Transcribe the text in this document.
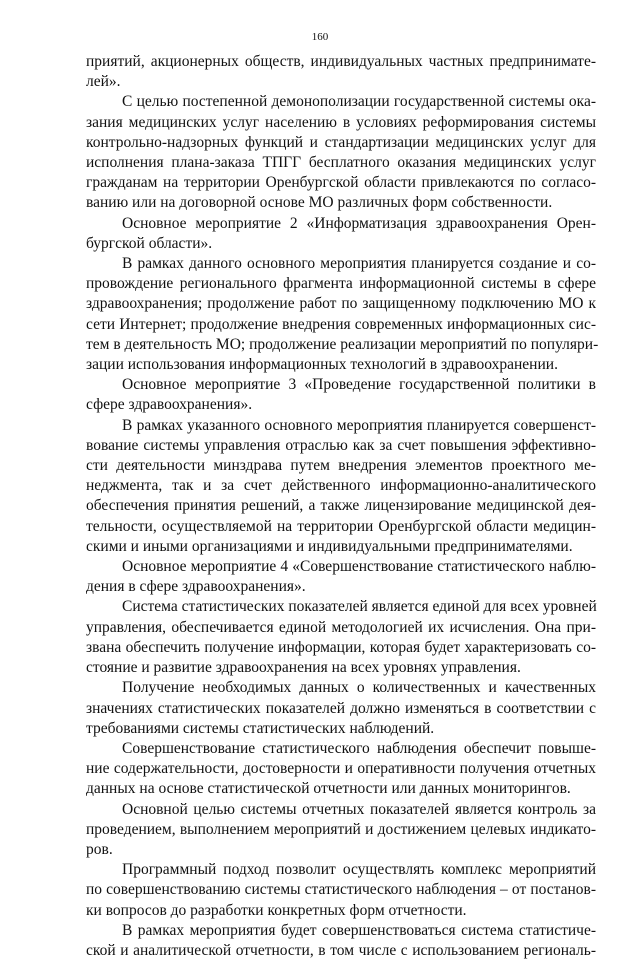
160
приятий, акционерных обществ, индивидуальных частных предпринимате-
лей».
С целью постепенной демонополизации государственной системы ока-
зания медицинских услуг населению в условиях реформирования системы
контрольно-надзорных функций и стандартизации медицинских услуг для
исполнения плана-заказа ТПГГ бесплатного оказания медицинских услуг
гражданам на территории Оренбургской области привлекаются по согласо-
ванию или на договорной основе МО различных форм собственности.
Основное мероприятие 2 «Информатизация здравоохранения Орен-
бургской области».
В рамках данного основного мероприятия планируется создание и со-
провождение регионального фрагмента информационной системы в сфере
здравоохранения; продолжение работ по защищенному подключению МО к
сети Интернет; продолжение внедрения современных информационных сис-
тем в деятельность МО; продолжение реализации мероприятий по популяри-
зации использования информационных технологий в здравоохранении.
Основное мероприятие 3 «Проведение государственной политики в
сфере здравоохранения».
В рамках указанного основного мероприятия планируется совершенст-
вование системы управления отраслью как за счет повышения эффективно-
сти деятельности минздрава путем внедрения элементов проектного ме-
неджмента, так и за счет действенного информационно-аналитического
обеспечения принятия решений, а также лицензирование медицинской дея-
тельности, осуществляемой на территории Оренбургской области медицин-
скими и иными организациями и индивидуальными предпринимателями.
Основное мероприятие 4 «Совершенствование статистического наблю-
дения в сфере здравоохранения».
Система статистических показателей является единой для всех уровней
управления, обеспечивается единой методологией их исчисления. Она при-
звана обеспечить получение информации, которая будет характеризовать со-
стояние и развитие здравоохранения на всех уровнях управления.
Получение необходимых данных о количественных и качественных
значениях статистических показателей должно изменяться в соответствии с
требованиями системы статистических наблюдений.
Совершенствование статистического наблюдения обеспечит повыше-
ние содержательности, достоверности и оперативности получения отчетных
данных на основе статистической отчетности или данных мониторингов.
Основной целью системы отчетных показателей является контроль за
проведением, выполнением мероприятий и достижением целевых индикато-
ров.
Программный подход позволит осуществлять комплекс мероприятий
по совершенствованию системы статистического наблюдения – от постанов-
ки вопросов до разработки конкретных форм отчетности.
В рамках мероприятия будет совершенствоваться система статистиче-
ской и аналитической отчетности, в том числе с использованием региональ-
